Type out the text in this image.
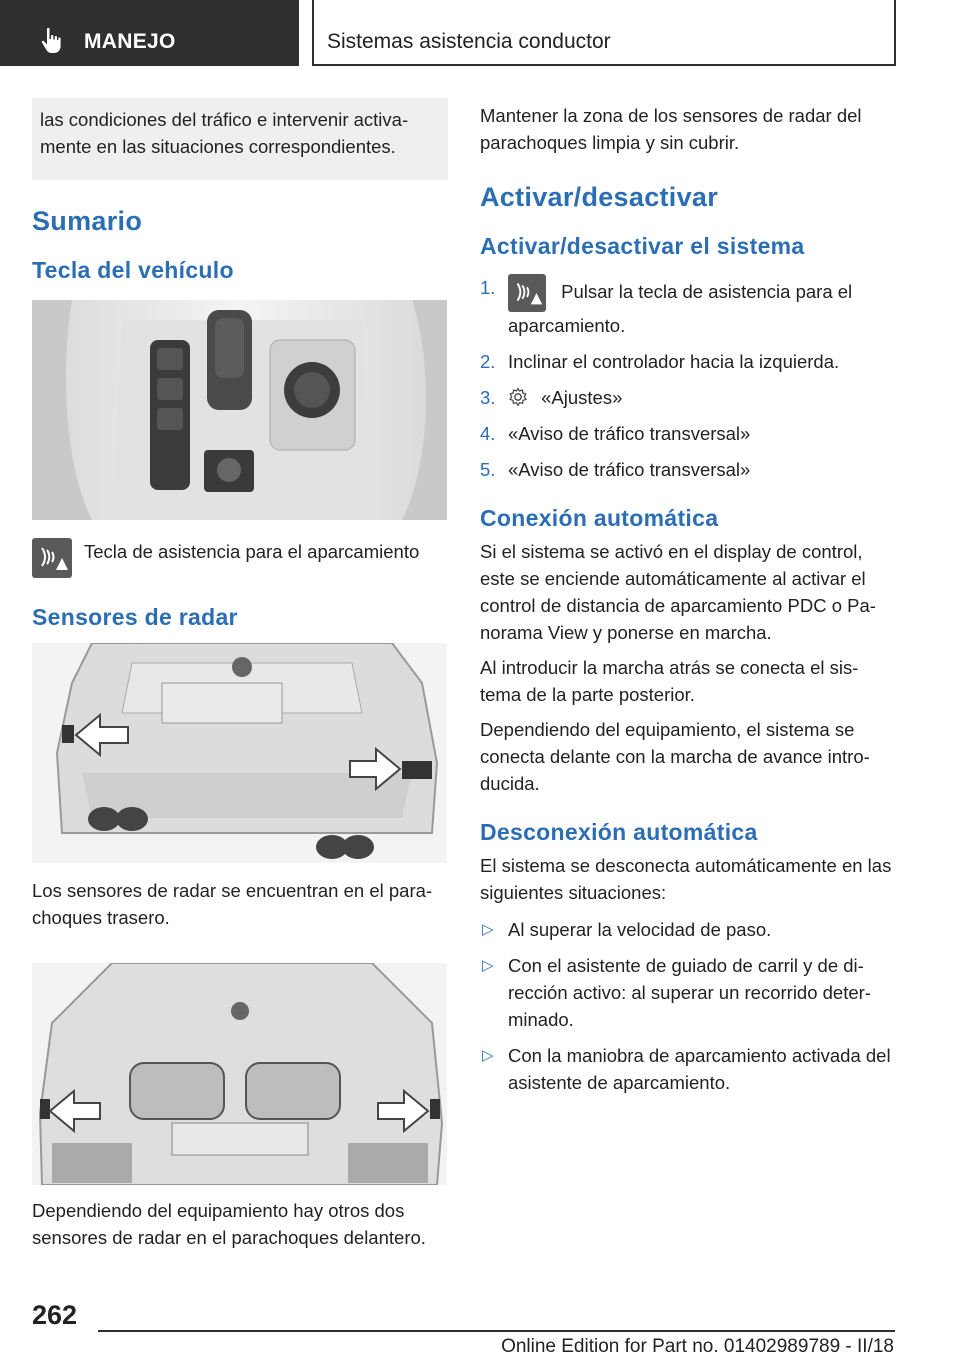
MANEJO	Sistemas asistencia conductor
las condiciones del tráfico e intervenir activa-mente en las situaciones correspondientes.
Sumario
Tecla del vehículo
Tecla de asistencia para el aparcamiento
Sensores de radar
Los sensores de radar se encuentran en el para-choques trasero.
Dependiendo del equipamiento hay otros dos sensores de radar en el parachoques delantero.
Mantener la zona de los sensores de radar del parachoques limpia y sin cubrir.
Activar/desactivar
Activar/desactivar el sistema
1.	Pulsar la tecla de asistencia para el aparcamiento.
2. Inclinar el controlador hacia la izquierda.
3. «Ajustes»
4. «Aviso de tráfico transversal»
5. «Aviso de tráfico transversal»
Conexión automática
Si el sistema se activó en el display de control, este se enciende automáticamente al activar el control de distancia de aparcamiento PDC o Pa-norama View y ponerse en marcha.
Al introducir la marcha atrás se conecta el sis-tema de la parte posterior.
Dependiendo del equipamiento, el sistema se conecta delante con la marcha de avance intro-ducida.
Desconexión automática
El sistema se desconecta automáticamente en las siguientes situaciones:
▷ Al superar la velocidad de paso.
▷ Con el asistente de guiado de carril y de di-rección activo: al superar un recorrido deter-minado.
▷ Con la maniobra de aparcamiento activada del asistente de aparcamiento.
262
Online Edition for Part no. 01402989789 - II/18
